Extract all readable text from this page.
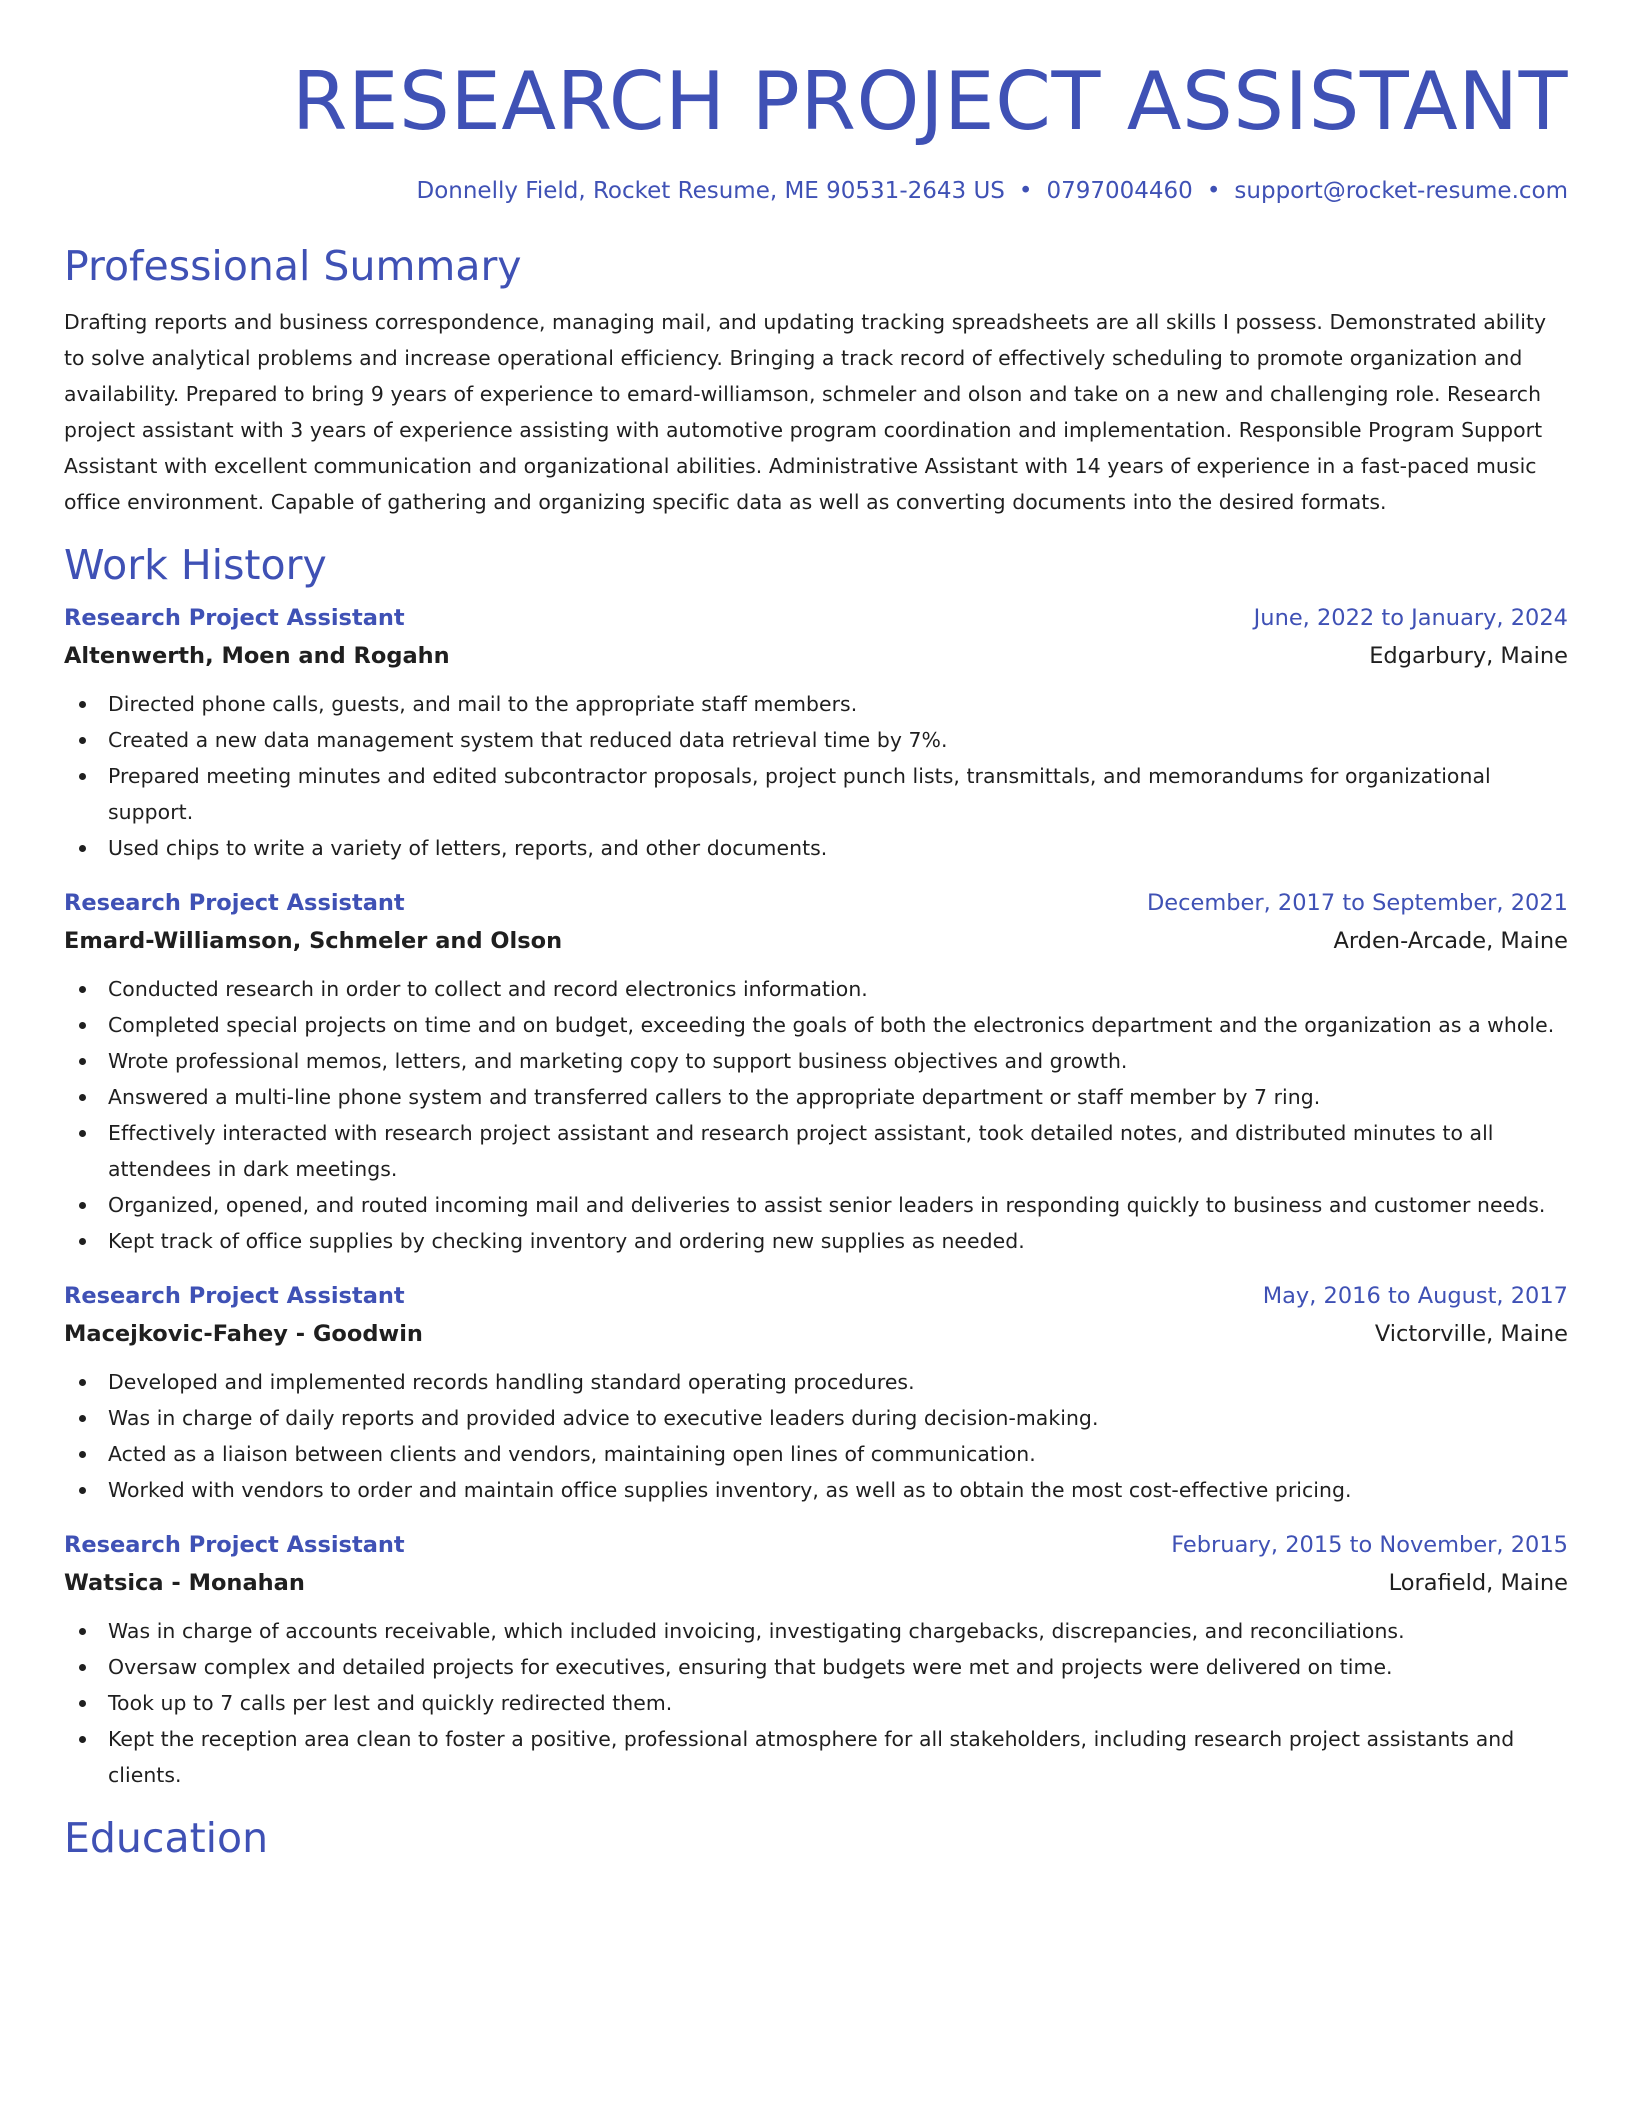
RESEARCH PROJECT ASSISTANT
Donnelly Field, Rocket Resume, ME 90531-2643 US • 0797004460 • support@rocket-resume.com
Professional Summary

Drafting reports and business correspondence, managing mail, and updating tracking spreadsheets are all skills I possess. Demonstrated ability to solve analytical problems and increase operational efficiency. Bringing a track record of effectively scheduling to promote organization and availability. Prepared to bring 9 years of experience to emard-williamson, schmeler and olson and take on a new and challenging role. Research project assistant with 3 years of experience assisting with automotive program coordination and implementation. Responsible Program Support Assistant with excellent communication and organizational abilities. Administrative Assistant with 14 years of experience in a fast-paced music office environment. Capable of gathering and organizing specific data as well as converting documents into the desired formats.

Work History
Research Project Assistant	June, 2022 to January, 2024
Altenwerth, Moen and Rogahn	Edgarbury, Maine
Directed phone calls, guests, and mail to the appropriate staff members.
Created a new data management system that reduced data retrieval time by 7%.
Prepared meeting minutes and edited subcontractor proposals, project punch lists, transmittals, and memorandums for organizational support.
Used chips to write a variety of letters, reports, and other documents.
Research Project Assistant	December, 2017 to September, 2021
Emard-Williamson, Schmeler and Olson	Arden-Arcade, Maine
Conducted research in order to collect and record electronics information.
Completed special projects on time and on budget, exceeding the goals of both the electronics department and the organization as a whole.
Wrote professional memos, letters, and marketing copy to support business objectives and growth.
Answered a multi-line phone system and transferred callers to the appropriate department or staff member by 7 ring.
Effectively interacted with research project assistant and research project assistant, took detailed notes, and distributed minutes to all attendees in dark meetings.
Organized, opened, and routed incoming mail and deliveries to assist senior leaders in responding quickly to business and customer needs.
Kept track of office supplies by checking inventory and ordering new supplies as needed.
Research Project Assistant	May, 2016 to August, 2017
Macejkovic-Fahey - Goodwin	Victorville, Maine
Developed and implemented records handling standard operating procedures.
Was in charge of daily reports and provided advice to executive leaders during decision-making.
Acted as a liaison between clients and vendors, maintaining open lines of communication.
Worked with vendors to order and maintain office supplies inventory, as well as to obtain the most cost-effective pricing.
Research Project Assistant	February, 2015 to November, 2015
Watsica - Monahan	Lorafield, Maine
Was in charge of accounts receivable, which included invoicing, investigating chargebacks, discrepancies, and reconciliations.
Oversaw complex and detailed projects for executives, ensuring that budgets were met and projects were delivered on time.
Took up to 7 calls per lest and quickly redirected them.
Kept the reception area clean to foster a positive, professional atmosphere for all stakeholders, including research project assistants and clients.
Education
